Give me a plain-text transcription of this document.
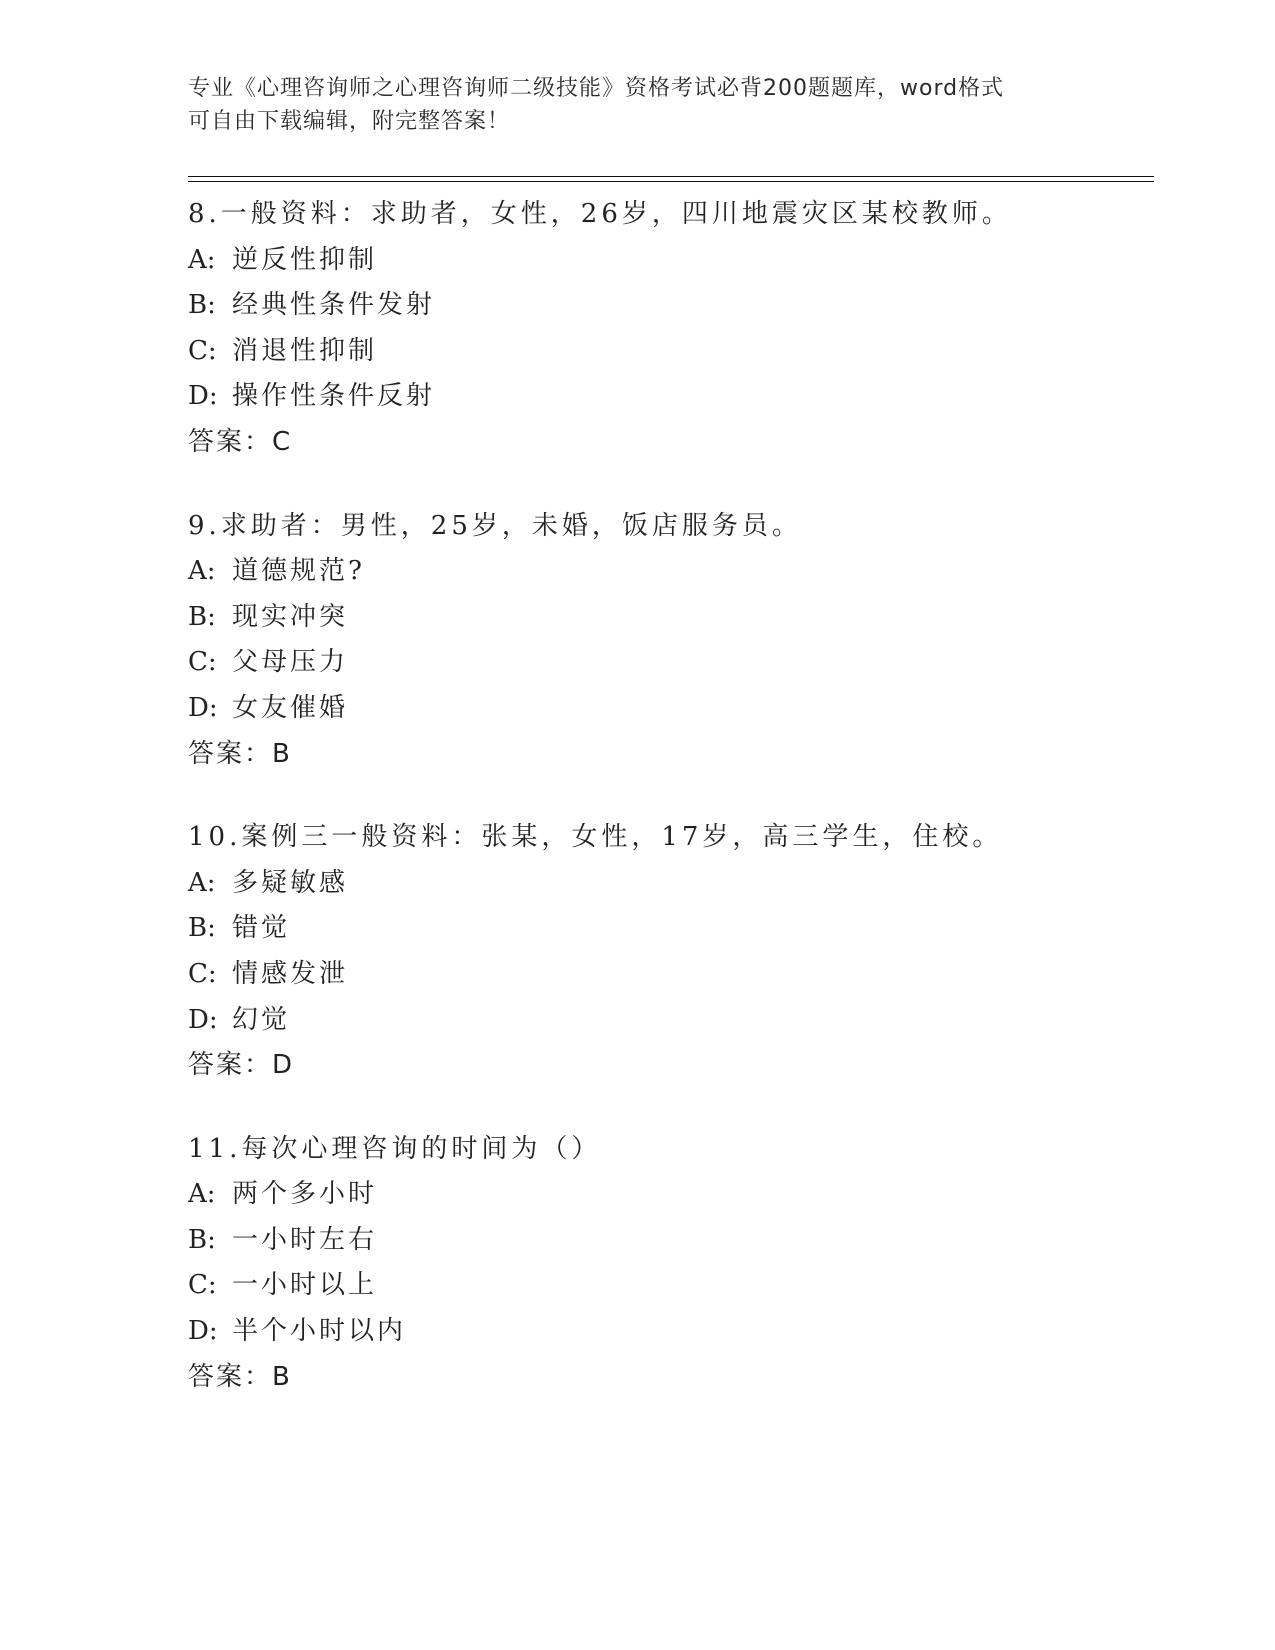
专业《心理咨询师之心理咨询师二级技能》资格考试必背200题题库，word格式
可自由下载编辑，附完整答案！
8.一般资料：求助者，女性，26岁，四川地震灾区某校教师。
A: 逆反性抑制
B: 经典性条件发射
C: 消退性抑制
D: 操作性条件反射
答案：C
9.求助者：男性，25岁，未婚，饭店服务员。
A: 道德规范?
B: 现实冲突
C: 父母压力
D: 女友催婚
答案：B
10.案例三一般资料：张某，女性，17岁，高三学生，住校。
A: 多疑敏感
B: 错觉
C: 情感发泄
D: 幻觉
答案：D
11.每次心理咨询的时间为（）
A: 两个多小时
B: 一小时左右
C: 一小时以上
D: 半个小时以内
答案：B
